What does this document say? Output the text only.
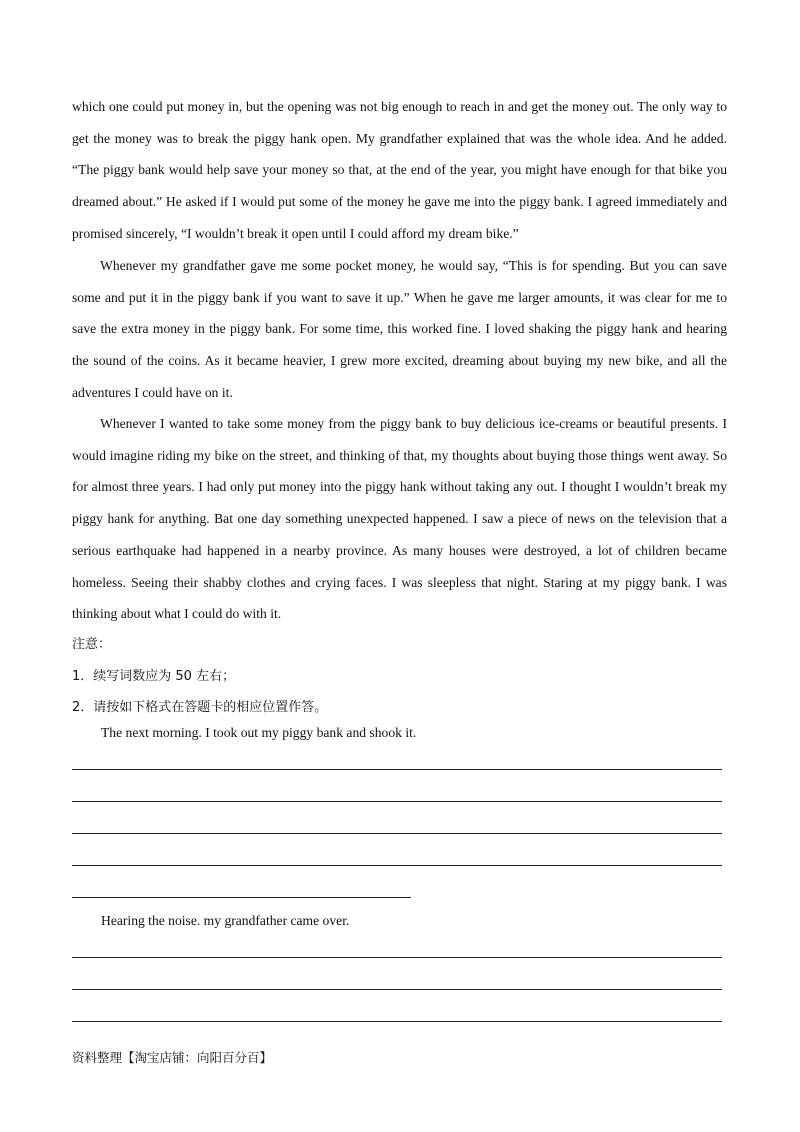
which one could put money in, but the opening was not big enough to reach in and get the money out. The only way to get the money was to break the piggy hank open. My grandfather explained that was the whole idea. And he added. “The piggy bank would help save your money so that, at the end of the year, you might have enough for that bike you dreamed about.” He asked if I would put some of the money he gave me into the piggy bank. I agreed immediately and promised sincerely, “I wouldn’t break it open until I could afford my dream bike.”
Whenever my grandfather gave me some pocket money, he would say, “This is for spending. But you can save some and put it in the piggy bank if you want to save it up.” When he gave me larger amounts, it was clear for me to save the extra money in the piggy bank. For some time, this worked fine. I loved shaking the piggy hank and hearing the sound of the coins. As it became heavier, I grew more excited, dreaming about buying my new bike, and all the adventures I could have on it.
Whenever I wanted to take some money from the piggy bank to buy delicious ice-creams or beautiful presents. I would imagine riding my bike on the street, and thinking of that, my thoughts about buying those things went away. So for almost three years. I had only put money into the piggy hank without taking any out. I thought I wouldn’t break my piggy hank for anything. Bat one day something unexpected happened. I saw a piece of news on the television that a serious earthquake had happened in a nearby province. As many houses were destroyed, a lot of children became homeless. Seeing their shabby clothes and crying faces. I was sleepless that night. Staring at my piggy bank. I was thinking about what I could do with it.
注意：
1．续写词数应为 50 左右；
2．请按如下格式在答题卡的相应位置作答。
The next morning. I took out my piggy bank and shook it.
Hearing the noise. my grandfather came over.
资料整理【淘宝店铺：向阳百分百】
